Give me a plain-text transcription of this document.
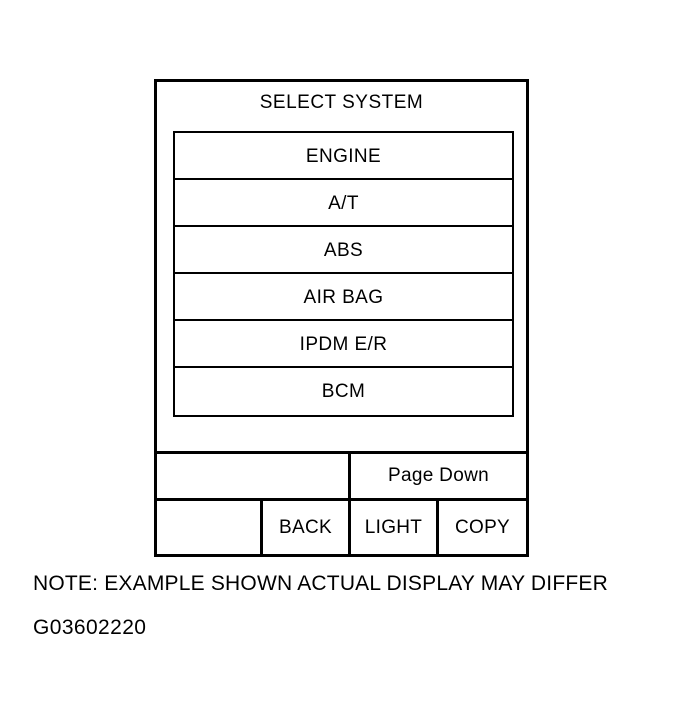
SELECT SYSTEM
ENGINE
A/T
ABS
AIR BAG
IPDM E/R
BCM
Page Down
BACK	LIGHT	COPY
NOTE: EXAMPLE SHOWN ACTUAL DISPLAY MAY DIFFER
G03602220
